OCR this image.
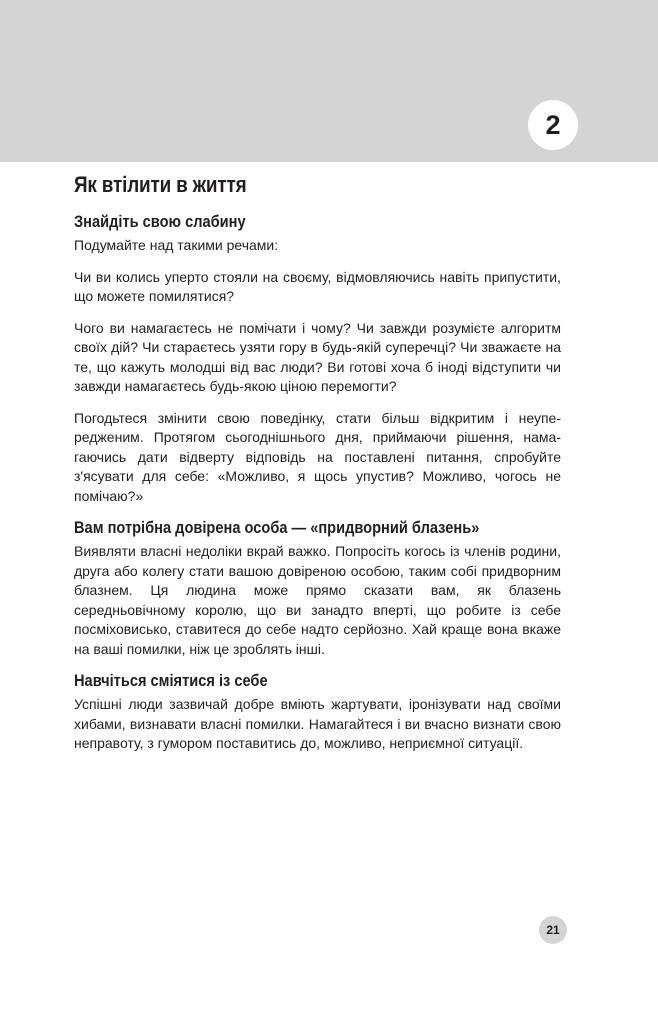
2
Як втілити в життя
Знайдіть свою слабину

Подумайте над такими речами:

Чи ви колись уперто стояли на своєму, відмовляючись навіть припустити, що можете помилятися?

Чого ви намагаєтесь не помічати і чому? Чи завжди розумієте алгоритм своїх дій? Чи стараєтесь узяти гору в будь-якій суперечці? Чи зважаєте на те, що кажуть молодші від вас люди? Ви готові хоча б іноді відступити чи завжди намагаєтесь будь-якою ціною перемогти?

Погодьтеся змінити свою поведінку, стати більш відкритим і неупередженим. Протягом сьогоднішнього дня, приймаючи рішення, намагаючись дати відверту відповідь на поставлені питання, спробуйте з'ясувати для себе: «Можливо, я щось упустив? Можливо, чогось не помічаю?»

Вам потрібна довірена особа — «придворний блазень»

Виявляти власні недоліки вкрай важко. Попросіть когось із членів родини, друга або колегу стати вашою довіреною особою, таким собі придворним блазнем. Ця людина може прямо сказати вам, як блазень середньовічному королю, що ви занадто вперті, що робите із себе посміховисько, ставитеся до себе надто серйозно. Хай краще вона вкаже на ваші помилки, ніж це зроблять інші.

Навчіться сміятися із себе

Успішні люди зазвичай добре вміють жартувати, іронізувати над своїми хибами, визнавати власні помилки. Намагайтеся і ви вчасно визнати свою неправоту, з гумором поставитись до, можливо, неприємної ситуації.

21
